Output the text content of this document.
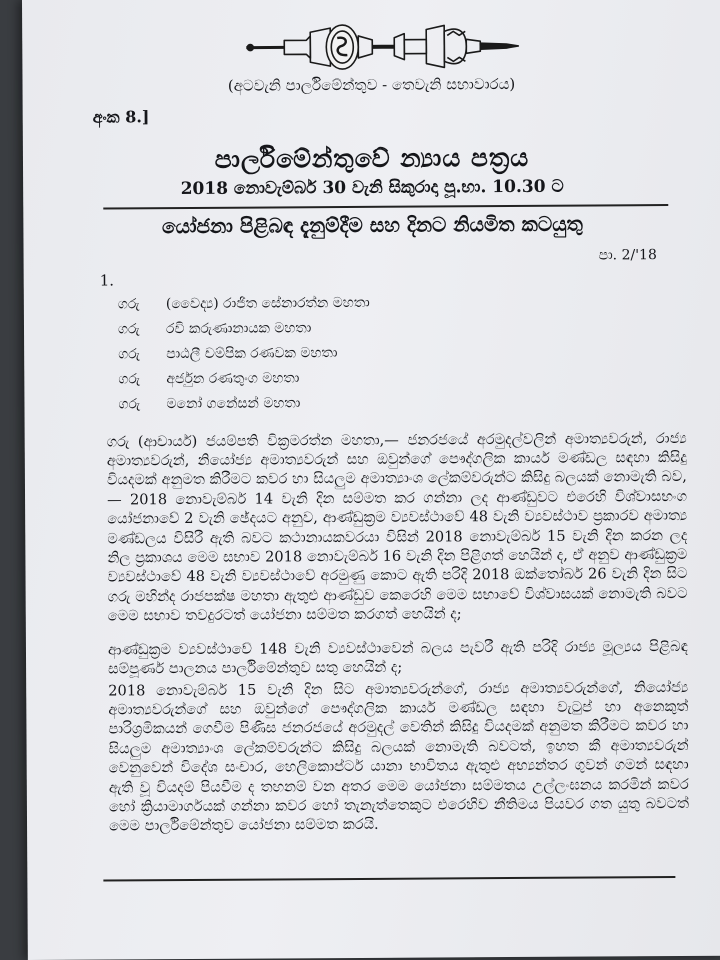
(අටවැනි පාර්ලිමේන්තුව - තෙවැනි සභාවාරය)
අංක 8.]
පාර්ලිමේන්තුවේ න්‍යාය පත්‍රය
2018 නොවැම්බර් 30 වැනි සිකුරාදා පූ.භා. 10.30 ට
යෝජනා පිළිබඳ දැනුම්දීම සහ දිනට නියමිත කටයුතු
පා. 2/'18
1.
ගරු (වෛද්‍ය) රාජිත සේනාරත්න මහතා
ගරු රවි කරුණානායක මහතා
ගරු පාඨලී චම්පික රණවක මහතා
ගරු අර්ජුන රණතුංග මහතා
ගරු මනෝ ගනේසන් මහතා

ගරු (ආචාර්ය) ජයම්පති වික්‍රමරත්න මහතා,— ජනරජයේ අරමුදල්වලින් අමාත්‍යවරුන්, රාජ්‍ය අමාත්‍යවරුන්, නියෝජ්‍ය අමාත්‍යවරුන් සහ ඔවුන්ගේ පෞද්ගලික කාර්ය මණ්ඩල සඳහා කිසිදු වියදමක් අනුමත කිරීමට කවර හා සියලුම අමාත්‍යාංශ ලේකම්වරුන්ට කිසිදු බලයක් නොමැති බව,— 2018 නොවැම්බර් 14 වැනි දින සම්මත කර ගන්නා ලද ආණ්ඩුවට එරෙහි විශ්වාසභංග යෝජනාවේ 2 වැනි ඡේදයට අනුව, ආණ්ඩුක්‍රම ව්‍යවස්ථාවේ 48 වැනි ව්‍යවස්ථාව ප්‍රකාරව අමාත්‍ය මණ්ඩලය විසිරී ඇති බවට කථානායකවරයා විසින් 2018 නොවැම්බර් 15 වැනි දින කරන ලද නිල ප්‍රකාශය මෙම සභාව 2018 නොවැම්බර් 16 වැනි දින පිළිගත් හෙයින් ද, ඒ අනුව ආණ්ඩුක්‍රම ව්‍යවස්ථාවේ 48 වැනි ව්‍යවස්ථාවේ අරමුණු කොට ඇති පරිදි 2018 ඔක්තෝබර් 26 වැනි දින සිට ගරු මහින්ද රාජපක්ෂ මහතා ඇතුළු ආණ්ඩුව කෙරෙහි මෙම සභාවේ විශ්වාසයක් නොමැති බවට මෙම සභාව තවදුරටත් යෝජනා සම්මත කරගත් හෙයින් ද;

ආණ්ඩුක්‍රම ව්‍යවස්ථාවේ 148 වැනි ව්‍යවස්ථාවෙන් බලය පැවරී ඇති පරිදි රාජ්‍ය මූල්‍යය පිළිබඳ සම්පූර්ණ පාලනය පාර්ලිමේන්තුව සතු හෙයින් ද;

2018 නොවැම්බර් 15 වැනි දින සිට අමාත්‍යවරුන්ගේ, රාජ්‍ය අමාත්‍යවරුන්ගේ, නියෝජ්‍ය අමාත්‍යවරුන්ගේ සහ ඔවුන්ගේ පෞද්ගලික කාර්ය මණ්ඩල සඳහා වැටුප් හා අනෙකුත් පාරිශ්‍රමිකයන් ගෙවීම පිණිස ජනරජයේ අරමුදල් වෙතින් කිසිදු වියදමක් අනුමත කිරීමට කවර හා සියලුම අමාත්‍යාංශ ලේකම්වරුන්ට කිසිදු බලයක් නොමැති බවටත්, ඉහත කී අමාත්‍යවරුන් වෙනුවෙන් විදේශ සංචාර, හෙලිකොප්ටර් යානා භාවිතය ඇතුළු අභ්‍යන්තර ගුවන් ගමන් සඳහා ඇති වූ වියදම් පියවීම ද තහනම් වන අතර මෙම යෝජනා සම්මතය උල්ලංඝනය කරමින් කවර හෝ ක්‍රියාමාර්ගයක් ගන්නා කවර හෝ තැනැත්තෙකුට එරෙහිව නීතිමය පියවර ගත යුතු බවටත් මෙම පාර්ලිමේන්තුව යෝජනා සම්මත කරයි.
